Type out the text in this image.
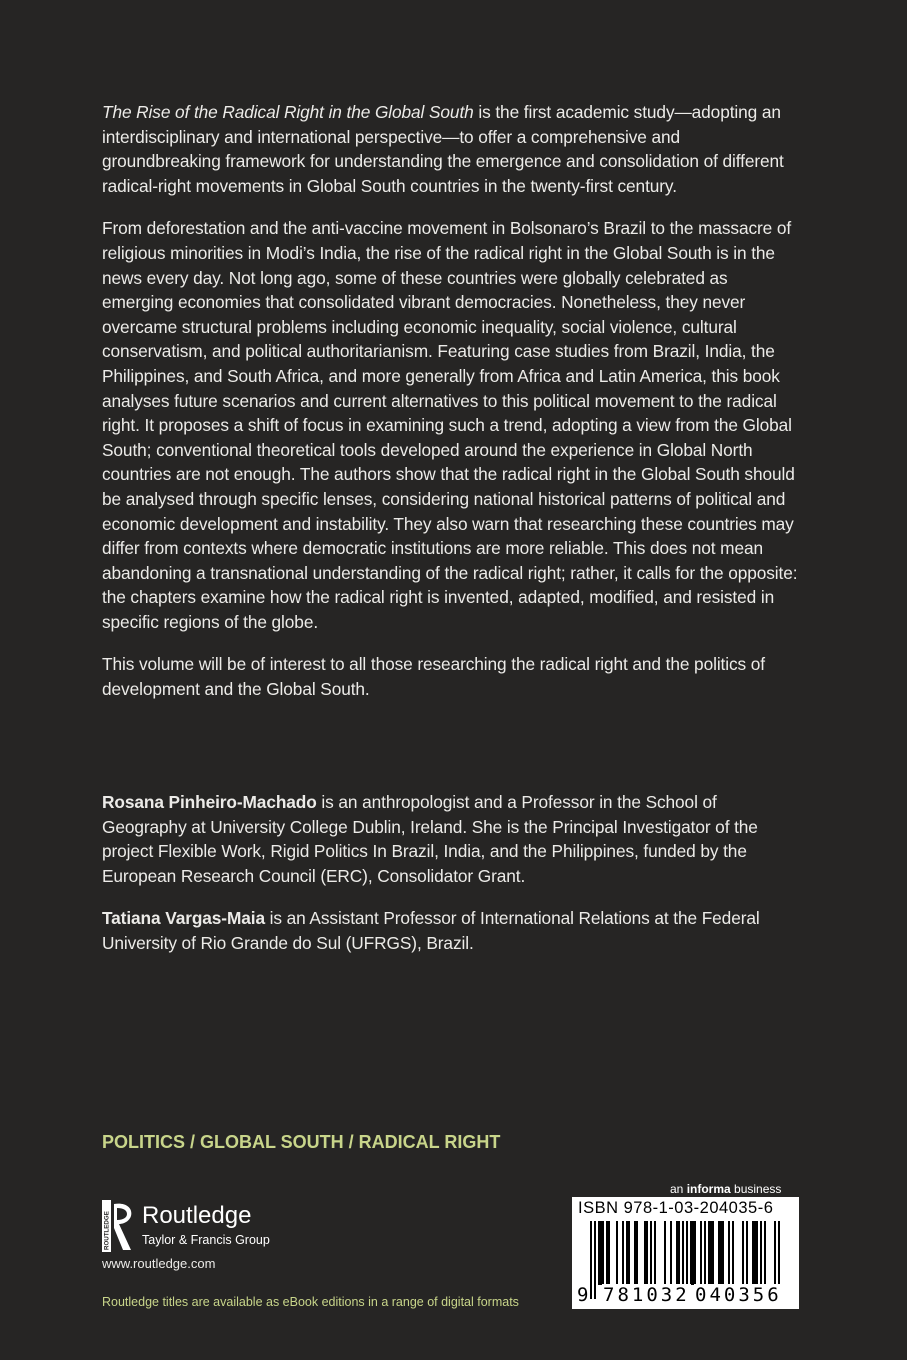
The Rise of the Radical Right in the Global South is the first academic study—adopting an interdisciplinary and international perspective—to offer a comprehensive and groundbreaking framework for understanding the emergence and consolidation of different radical-right movements in Global South countries in the twenty-first century.

From deforestation and the anti-vaccine movement in Bolsonaro’s Brazil to the massacre of religious minorities in Modi’s India, the rise of the radical right in the Global South is in the news every day. Not long ago, some of these countries were globally celebrated as emerging economies that consolidated vibrant democracies. Nonetheless, they never overcame structural problems including economic inequality, social violence, cultural conservatism, and political authoritarianism. Featuring case studies from Brazil, India, the Philippines, and South Africa, and more generally from Africa and Latin America, this book analyses future scenarios and current alternatives to this political movement to the radical right. It proposes a shift of focus in examining such a trend, adopting a view from the Global South; conventional theoretical tools developed around the experience in Global North countries are not enough. The authors show that the radical right in the Global South should be analysed through specific lenses, considering national historical patterns of political and economic development and instability. They also warn that researching these countries may differ from contexts where democratic institutions are more reliable. This does not mean abandoning a transnational understanding of the radical right; rather, it calls for the opposite: the chapters examine how the radical right is invented, adapted, modified, and resisted in specific regions of the globe.

This volume will be of interest to all those researching the radical right and the politics of development and the Global South.

Rosana Pinheiro-Machado is an anthropologist and a Professor in the School of Geography at University College Dublin, Ireland. She is the Principal Investigator of the project Flexible Work, Rigid Politics In Brazil, India, and the Philippines, funded by the European Research Council (ERC), Consolidator Grant.

Tatiana Vargas-Maia is an Assistant Professor of International Relations at the Federal University of Rio Grande do Sul (UFRGS), Brazil.

POLITICS / GLOBAL SOUTH / RADICAL RIGHT
ROUTLEDGE Routledge
Taylor & Francis Group
www.routledge.com
Routledge titles are available as eBook editions in a range of digital formats
an informa business
ISBN 978-1-03-204035-6
9 781032 040356
